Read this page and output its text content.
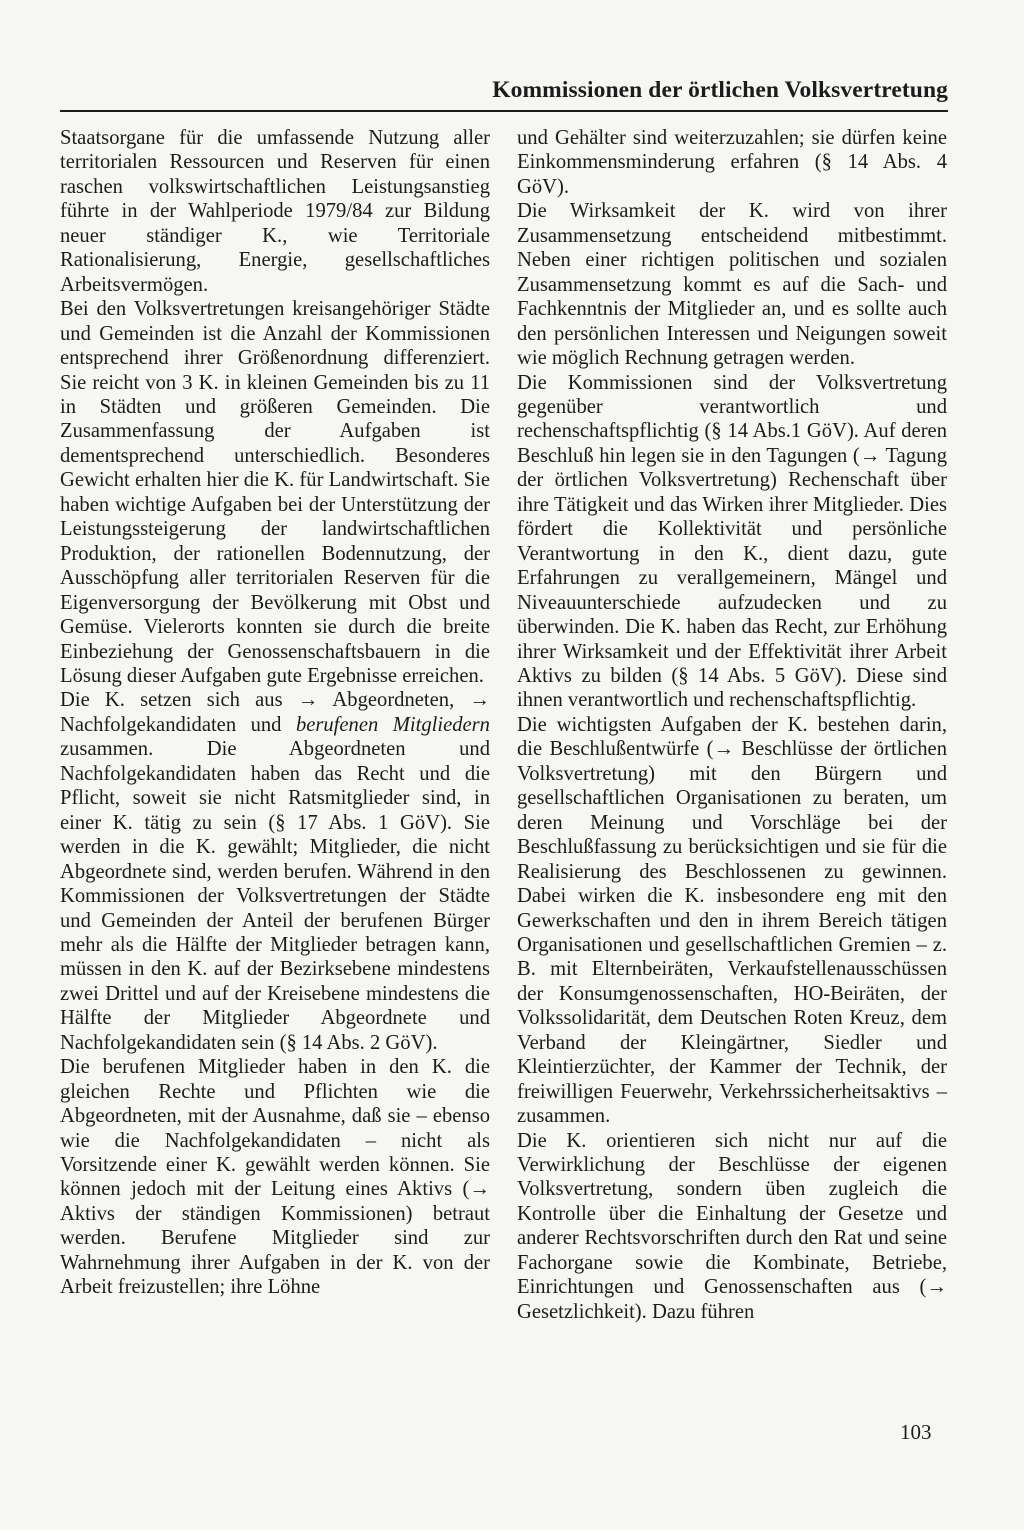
Kommissionen der örtlichen Volksvertretung

Staatsorgane für die umfassende Nutzung aller territorialen Ressourcen und Reserven für einen raschen volkswirtschaftlichen Leistungsanstieg führte in der Wahlperiode 1979/84 zur Bildung neuer ständiger K., wie Territoriale Rationalisierung, Energie, gesellschaftliches Arbeitsvermögen.

Bei den Volksvertretungen kreisangehöriger Städte und Gemeinden ist die Anzahl der Kommissionen entsprechend ihrer Größenordnung differenziert. Sie reicht von 3 K. in kleinen Gemeinden bis zu 11 in Städten und größeren Gemeinden. Die Zusammenfassung der Aufgaben ist dementsprechend unterschiedlich. Besonderes Gewicht erhalten hier die K. für Landwirtschaft. Sie haben wichtige Aufgaben bei der Unterstützung der Leistungssteigerung der landwirtschaftlichen Produktion, der rationellen Bodennutzung, der Ausschöpfung aller territorialen Reserven für die Eigenversorgung der Bevölkerung mit Obst und Gemüse. Vielerorts konnten sie durch die breite Einbeziehung der Genossenschaftsbauern in die Lösung dieser Aufgaben gute Ergebnisse erreichen.

Die K. setzen sich aus → Abgeordneten, → Nachfolgekandidaten und berufenen Mitgliedern zusammen. Die Abgeordneten und Nachfolgekandidaten haben das Recht und die Pflicht, soweit sie nicht Ratsmitglieder sind, in einer K. tätig zu sein (§ 17 Abs. 1 GöV). Sie werden in die K. gewählt; Mitglieder, die nicht Abgeordnete sind, werden berufen. Während in den Kommissionen der Volksvertretungen der Städte und Gemeinden der Anteil der berufenen Bürger mehr als die Hälfte der Mitglieder betragen kann, müssen in den K. auf der Bezirksebene mindestens zwei Drittel und auf der Kreisebene mindestens die Hälfte der Mitglieder Abgeordnete und Nachfolgekandidaten sein (§ 14 Abs. 2 GöV).

Die berufenen Mitglieder haben in den K. die gleichen Rechte und Pflichten wie die Abgeordneten, mit der Ausnahme, daß sie – ebenso wie die Nachfolgekandidaten – nicht als Vorsitzende einer K. gewählt werden können. Sie können jedoch mit der Leitung eines Aktivs (→ Aktivs der ständigen Kommissionen) betraut werden. Berufene Mitglieder sind zur Wahrnehmung ihrer Aufgaben in der K. von der Arbeit freizustellen; ihre Löhne

und Gehälter sind weiterzuzahlen; sie dürfen keine Einkommensminderung erfahren (§ 14 Abs. 4 GöV).

Die Wirksamkeit der K. wird von ihrer Zusammensetzung entscheidend mitbestimmt. Neben einer richtigen politischen und sozialen Zusammensetzung kommt es auf die Sach- und Fachkenntnis der Mitglieder an, und es sollte auch den persönlichen Interessen und Neigungen soweit wie möglich Rechnung getragen werden.

Die Kommissionen sind der Volksvertretung gegenüber verantwortlich und rechenschaftspflichtig (§ 14 Abs.1 GöV). Auf deren Beschluß hin legen sie in den Tagungen (→ Tagung der örtlichen Volksvertretung) Rechenschaft über ihre Tätigkeit und das Wirken ihrer Mitglieder. Dies fördert die Kollektivität und persönliche Verantwortung in den K., dient dazu, gute Erfahrungen zu verallgemeinern, Mängel und Niveauunterschiede aufzudecken und zu überwinden. Die K. haben das Recht, zur Erhöhung ihrer Wirksamkeit und der Effektivität ihrer Arbeit Aktivs zu bilden (§ 14 Abs. 5 GöV). Diese sind ihnen verantwortlich und rechenschaftspflichtig.

Die wichtigsten Aufgaben der K. bestehen darin, die Beschlußentwürfe (→ Beschlüsse der örtlichen Volksvertretung) mit den Bürgern und gesellschaftlichen Organisationen zu beraten, um deren Meinung und Vorschläge bei der Beschlußfassung zu berücksichtigen und sie für die Realisierung des Beschlossenen zu gewinnen. Dabei wirken die K. insbesondere eng mit den Gewerkschaften und den in ihrem Bereich tätigen Organisationen und gesellschaftlichen Gremien – z. B. mit Elternbeiräten, Verkaufstellenausschüssen der Konsumgenossenschaften, HO-Beiräten, der Volkssolidarität, dem Deutschen Roten Kreuz, dem Verband der Kleingärtner, Siedler und Kleintierzüchter, der Kammer der Technik, der freiwilligen Feuerwehr, Verkehrssicherheitsaktivs – zusammen.

Die K. orientieren sich nicht nur auf die Verwirklichung der Beschlüsse der eigenen Volksvertretung, sondern üben zugleich die Kontrolle über die Einhaltung der Gesetze und anderer Rechtsvorschriften durch den Rat und seine Fachorgane sowie die Kombinate, Betriebe, Einrichtungen und Genossenschaften aus (→ Gesetzlichkeit). Dazu führen

103
